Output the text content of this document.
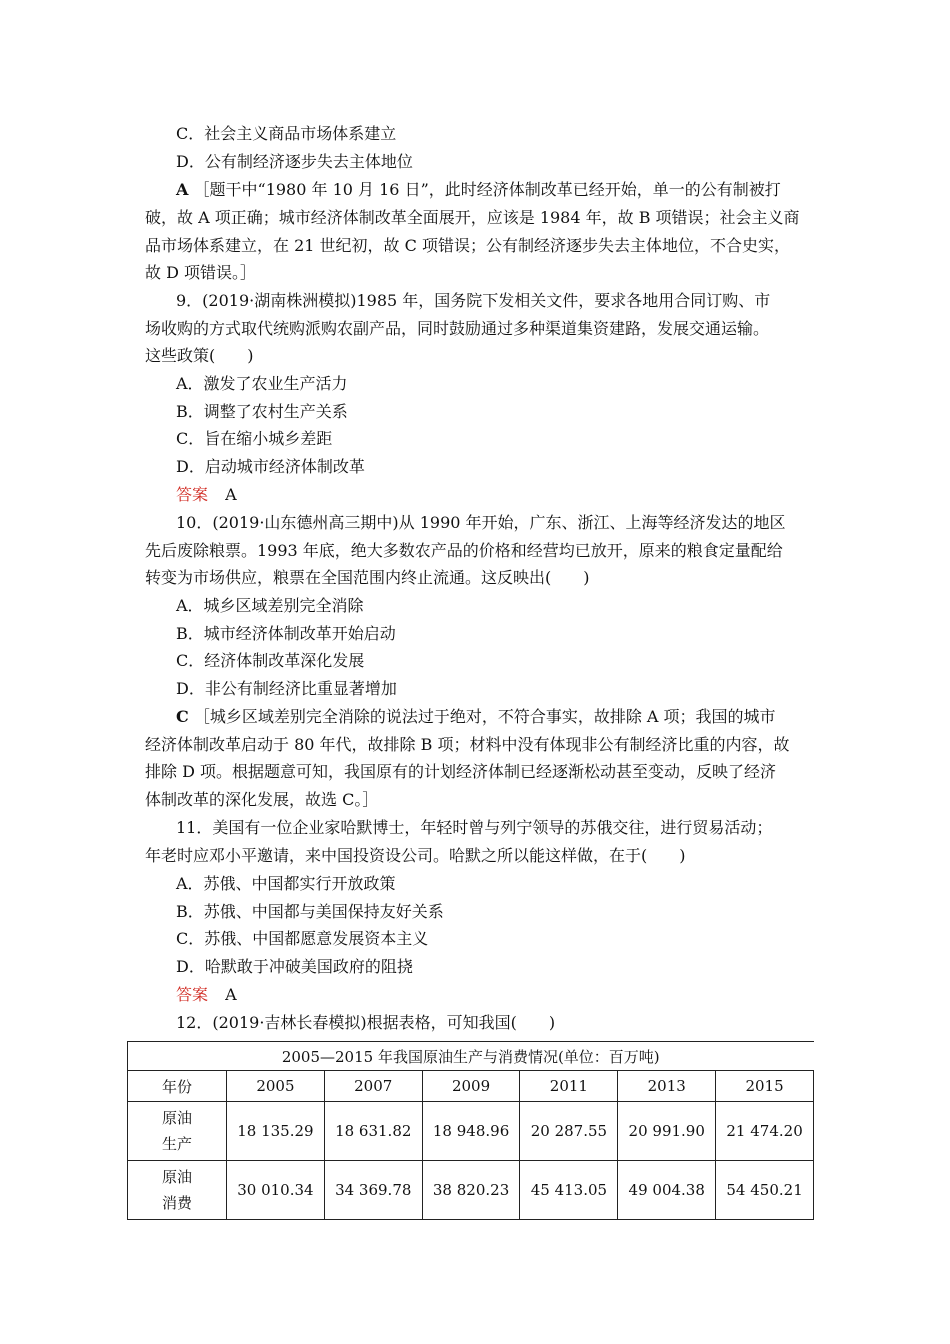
C．社会主义商品市场体系建立
D．公有制经济逐步失去主体地位
A ［题干中“1980 年 10 月 16 日”，此时经济体制改革已经开始，单一的公有制被打
破，故 A 项正确；城市经济体制改革全面展开，应该是 1984 年，故 B 项错误；社会主义商
品市场体系建立，在 21 世纪初，故 C 项错误；公有制经济逐步失去主体地位，不合史实，
故 D 项错误。］
9．(2019·湖南株洲模拟)1985 年，国务院下发相关文件，要求各地用合同订购、市
场收购的方式取代统购派购农副产品，同时鼓励通过多种渠道集资建路，发展交通运输。
这些政策(　　)
A．激发了农业生产活力
B．调整了农村生产关系
C．旨在缩小城乡差距
D．启动城市经济体制改革
答案 A
10．(2019·山东德州高三期中)从 1990 年开始，广东、浙江、上海等经济发达的地区
先后废除粮票。1993 年底，绝大多数农产品的价格和经营均已放开，原来的粮食定量配给
转变为市场供应，粮票在全国范围内终止流通。这反映出(　　)
A．城乡区域差别完全消除
B．城市经济体制改革开始启动
C．经济体制改革深化发展
D．非公有制经济比重显著增加
C ［城乡区域差别完全消除的说法过于绝对，不符合事实，故排除 A 项；我国的城市
经济体制改革启动于 80 年代，故排除 B 项；材料中没有体现非公有制经济比重的内容，故
排除 D 项。根据题意可知，我国原有的计划经济体制已经逐渐松动甚至变动，反映了经济
体制改革的深化发展，故选 C。］
11．美国有一位企业家哈默博士，年轻时曾与列宁领导的苏俄交往，进行贸易活动；
年老时应邓小平邀请，来中国投资设公司。哈默之所以能这样做，在于(　　)
A．苏俄、中国都实行开放政策
B．苏俄、中国都与美国保持友好关系
C．苏俄、中国都愿意发展资本主义
D．哈默敢于冲破美国政府的阻挠
答案 A
12．(2019·吉林长春模拟)根据表格，可知我国(　　)
2005—2015 年我国原油生产与消费情况(单位：百万吨)						
年份	2005	2007	2009	2011	2013	2015

原油
生产	18 135.29	18 631.82	18 948.96	20 287.55	20 991.90	21 474.20

原油
消费	30 010.34	34 369.78	38 820.23	45 413.05	49 004.38	54 450.21
